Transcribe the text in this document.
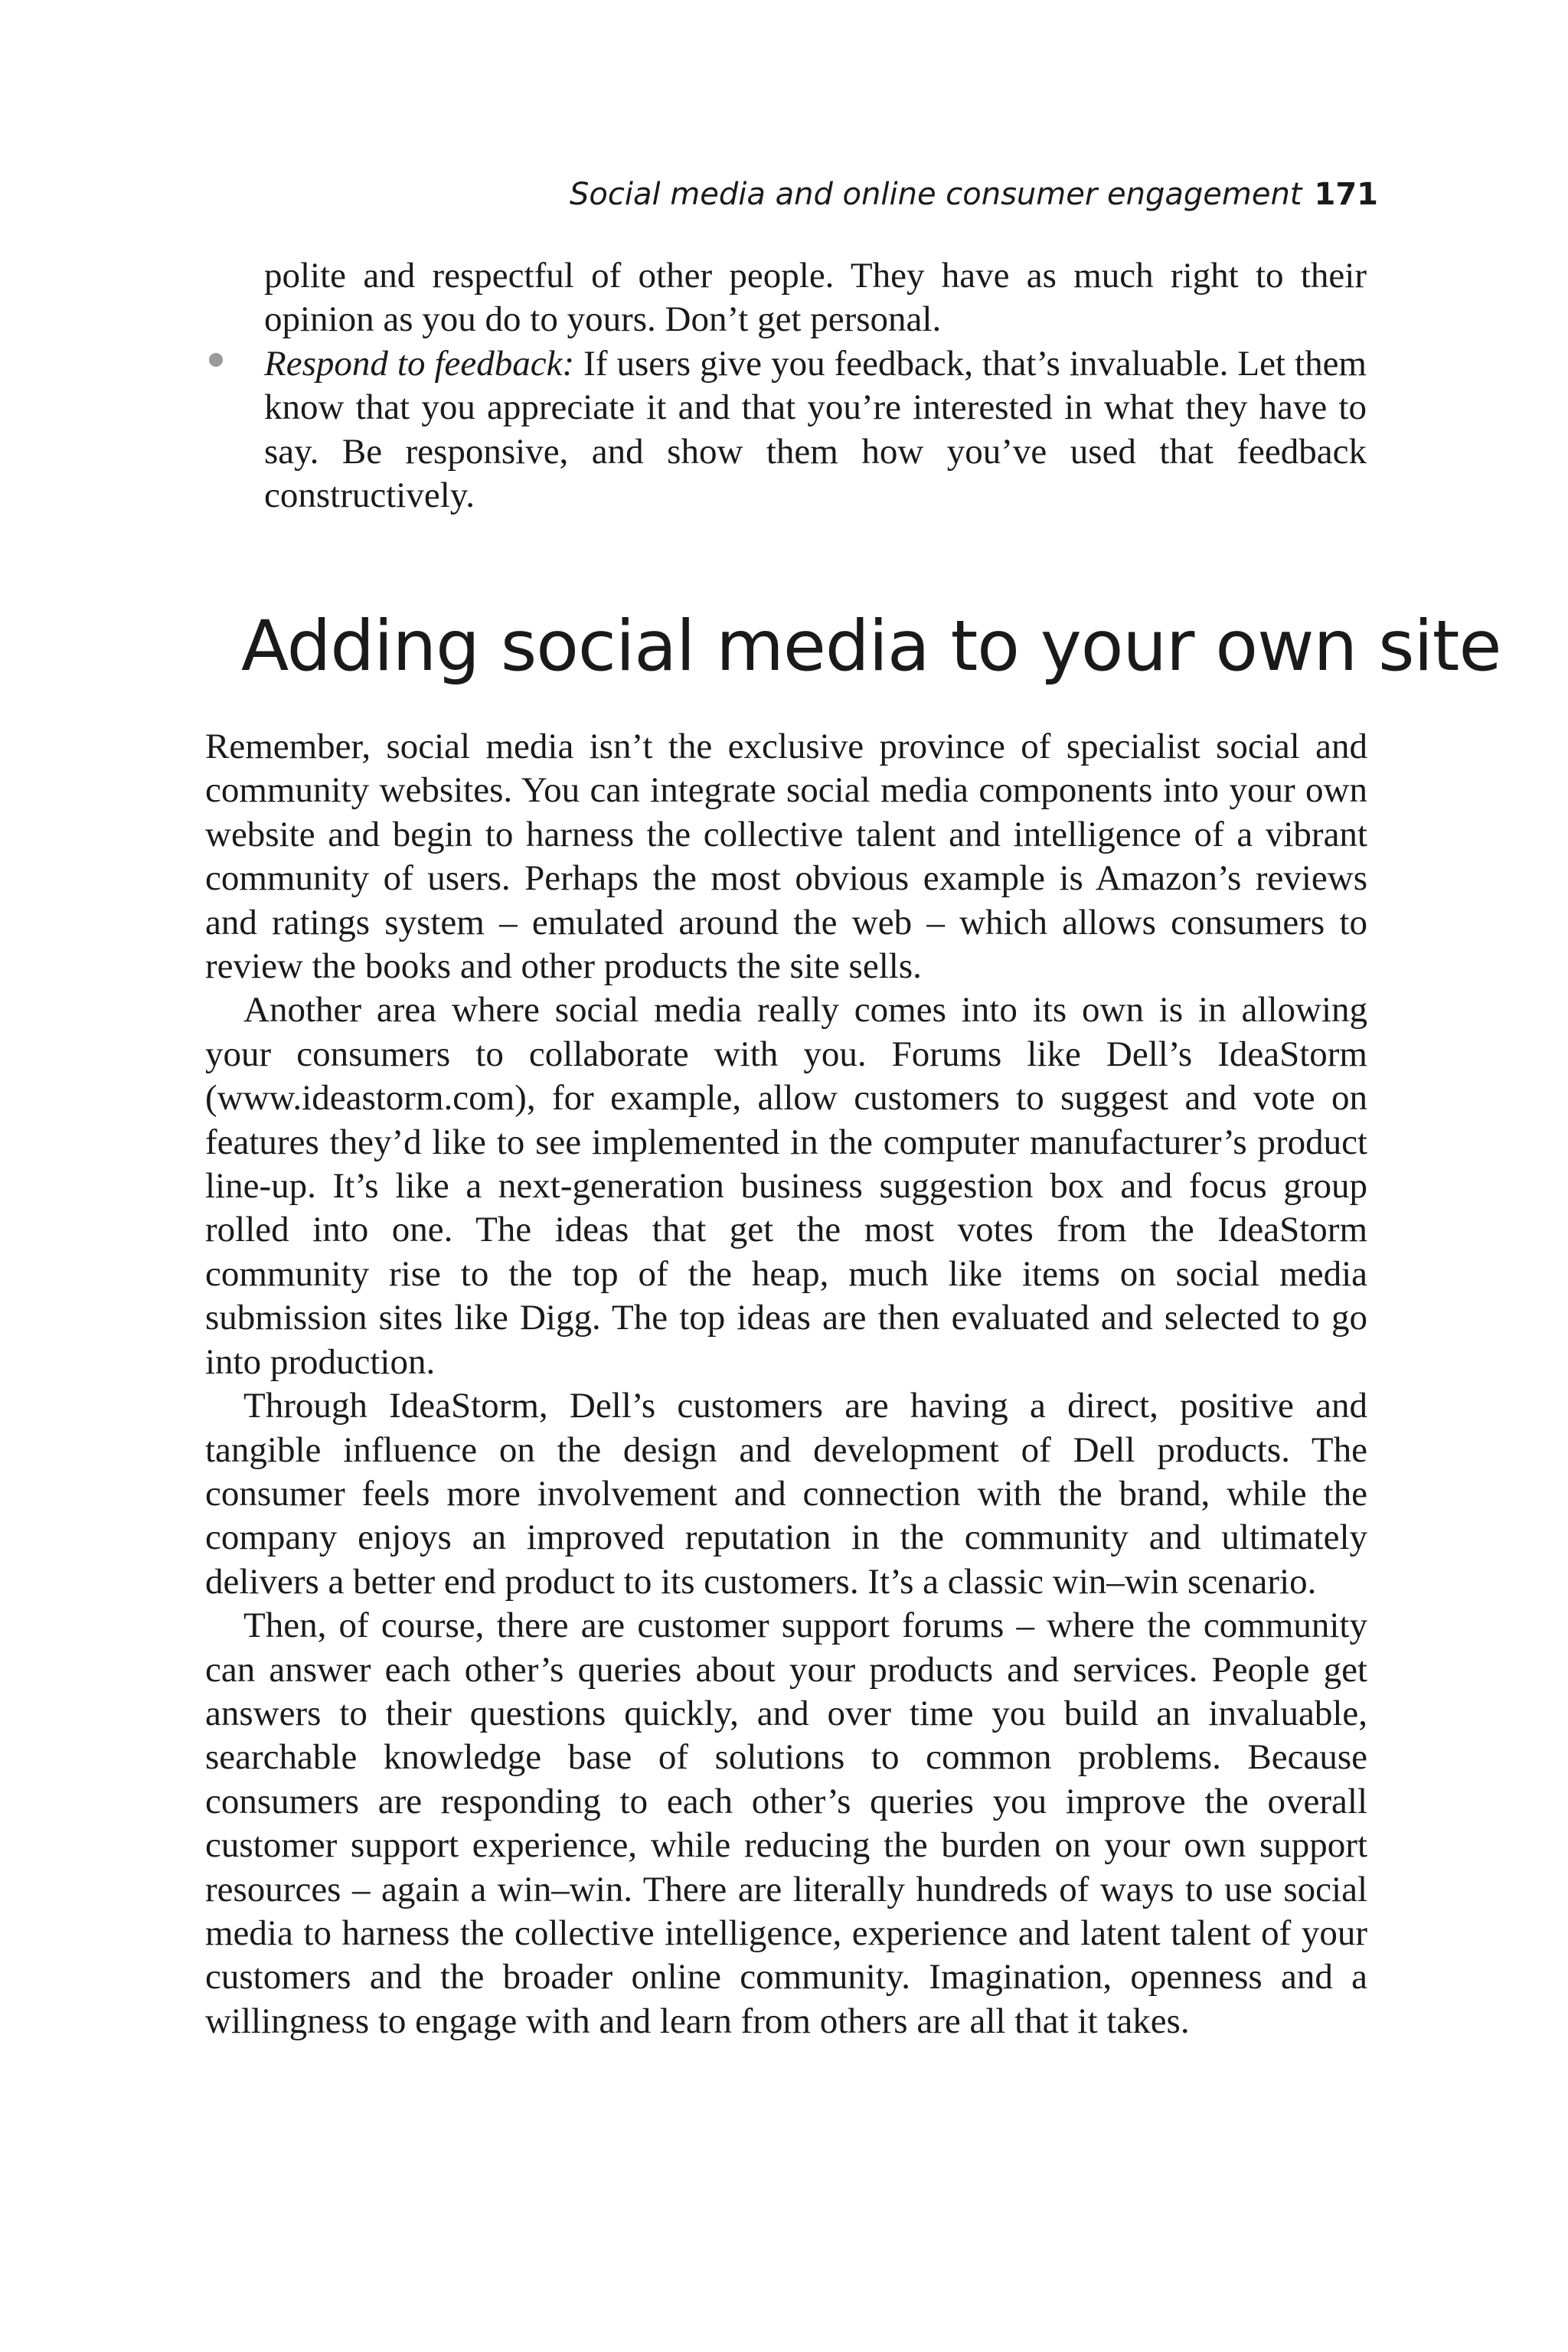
Social media and online consumer engagement 171

polite and respectful of other people. They have as much right to their opinion as you do to yours. Don’t get personal.

Respond to feedback: If users give you feedback, that’s invaluable. Let them know that you appreciate it and that you’re interested in what they have to say. Be responsive, and show them how you’ve used that feedback constructively.

Adding social media to your own site

Remember, social media isn’t the exclusive province of specialist social and community websites. You can integrate social media components into your own website and begin to harness the collective talent and intelligence of a vibrant community of users. Perhaps the most obvious example is Amazon’s reviews and ratings system – emulated around the web – which allows consumers to review the books and other products the site sells.

Another area where social media really comes into its own is in allowing your consumers to collaborate with you. Forums like Dell’s IdeaStorm (www.ideastorm.com), for example, allow customers to suggest and vote on features they’d like to see implemented in the computer manufacturer’s product line-up. It’s like a next-generation business suggestion box and focus group rolled into one. The ideas that get the most votes from the IdeaStorm community rise to the top of the heap, much like items on social media submission sites like Digg. The top ideas are then evaluated and selected to go into production.

Through IdeaStorm, Dell’s customers are having a direct, positive and tangible influence on the design and development of Dell products. The consumer feels more involvement and connection with the brand, while the company enjoys an improved reputation in the community and ultimately delivers a better end product to its customers. It’s a classic win–win scenario.

Then, of course, there are customer support forums – where the community can answer each other’s queries about your products and services. People get answers to their questions quickly, and over time you build an invaluable, searchable knowledge base of solutions to common problems. Because consumers are responding to each other’s queries you improve the overall customer support experience, while reducing the burden on your own support resources – again a win–win. There are literally hundreds of ways to use social media to harness the collective intelligence, experience and latent talent of your customers and the broader online community. Imagination, openness and a willingness to engage with and learn from others are all that it takes.
